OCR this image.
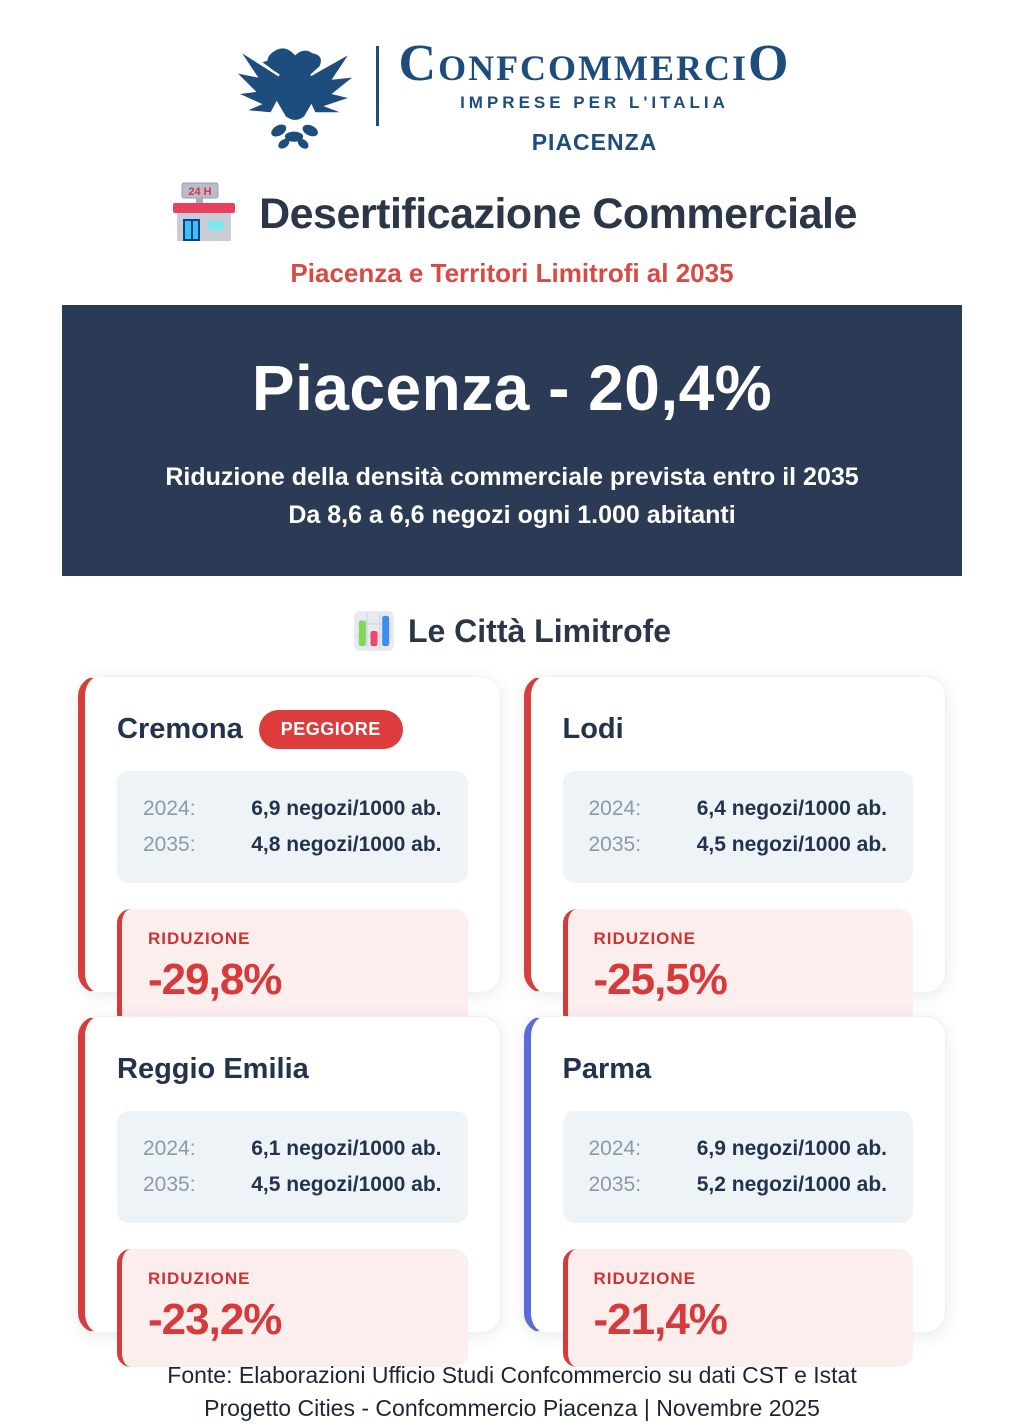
ConfcommerciO
IMPRESE PER L'ITALIA
PIACENZA
24 H Desertificazione Commerciale
Piacenza e Territori Limitrofi al 2035
Piacenza - 20,4%
Riduzione della densità commerciale prevista entro il 2035
Da 8,6 a 6,6 negozi ogni 1.000 abitanti
Le Città Limitrofe
Cremona	PEGGIORE
2024:	6,9 negozi/1000 ab.
2035:	4,8 negozi/1000 ab.
RIDUZIONE
-29,8%
Lodi
2024:	6,4 negozi/1000 ab.
2035:	4,5 negozi/1000 ab.
RIDUZIONE
-25,5%
Reggio Emilia
2024:	6,1 negozi/1000 ab.
2035:	4,5 negozi/1000 ab.
RIDUZIONE
-23,2%
Parma
2024:	6,9 negozi/1000 ab.
2035:	5,2 negozi/1000 ab.
RIDUZIONE
-21,4%
Fonte: Elaborazioni Ufficio Studi Confcommercio su dati CST e Istat
Progetto Cities - Confcommercio Piacenza | Novembre 2025
